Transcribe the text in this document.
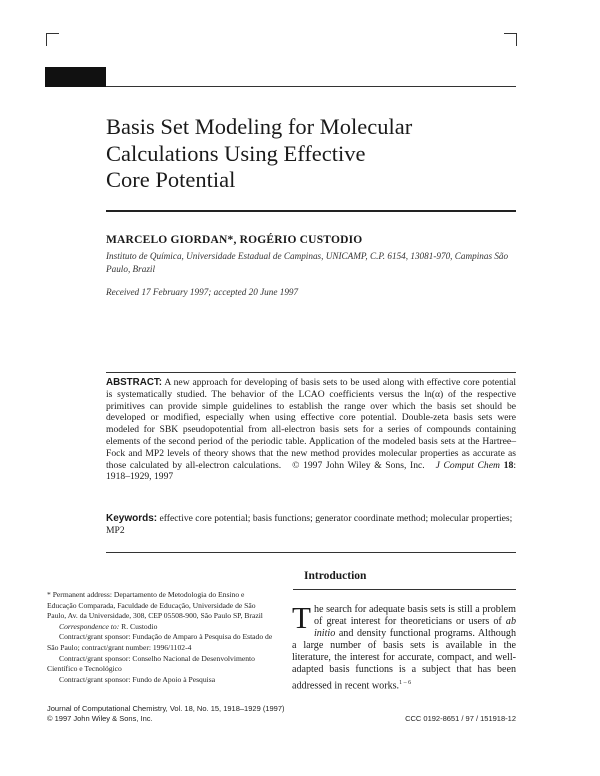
Basis Set Modeling for Molecular
Calculations Using Effective
Core Potential
MARCELO GIORDAN*, ROGÉRIO CUSTODIO
Instituto de Química, Universidade Estadual de Campinas, UNICAMP, C.P. 6154, 13081-970, Campinas São Paulo, Brazil
Received 17 February 1997; accepted 20 June 1997
ABSTRACT: A new approach for developing of basis sets to be used along with effective core potential is systematically studied. The behavior of the LCAO coefficients versus the ln(α) of the respective primitives can provide simple guidelines to establish the range over which the basis set should be developed or modified, especially when using effective core potential. Double-zeta basis sets were modeled for SBK pseudopotential from all-electron basis sets for a series of compounds containing elements of the second period of the periodic table. Application of the modeled basis sets at the Hartree–Fock and MP2 levels of theory shows that the new method provides molecular properties as accurate as those calculated by all-electron calculations. © 1997 John Wiley & Sons, Inc. J Comput Chem 18: 1918–1929, 1997
Keywords: effective core potential; basis functions; generator coordinate method; molecular properties; MP2
Introduction
The search for adequate basis sets is still a problem of great interest for theoreticians or users of ab initio and density functional programs. Although a large number of basis sets is available in the literature, the interest for accurate, compact, and well-adapted basis functions is a subject that has been addressed in recent works.$^{1 - 6}$

* Permanent address: Departamento de Metodologia do Ensino e Educação Comparada, Faculdade de Educação, Universidade de São Paulo, Av. da Universidade, 308, CEP 05508-900, São Paulo SP, Brazil

Correspondence to: R. Custodio

Contract/grant sponsor: Fundação de Amparo à Pesquisa do Estado de São Paulo; contract/grant number: 1996/1102-4

Contract/grant sponsor: Conselho Nacional de Desenvolvimento Científico e Tecnológico

Contract/grant sponsor: Fundo de Apoio à Pesquisa

Journal of Computational Chemistry, Vol. 18, No. 15, 1918–1929 (1997)
© 1997 John Wiley & Sons, Inc.	CCC 0192-8651 / 97 / 151918-12
